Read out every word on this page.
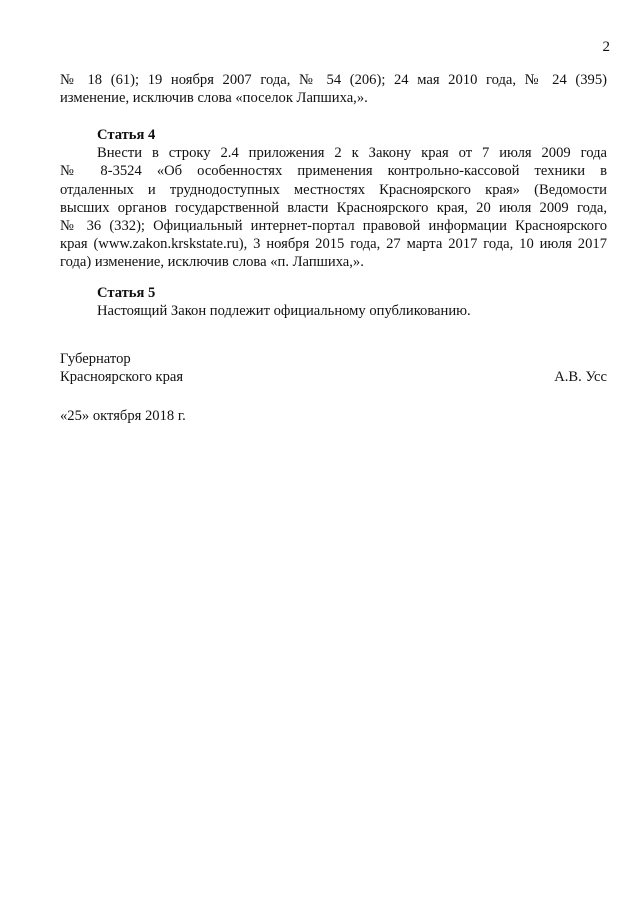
2
№ 18 (61); 19 ноября 2007 года, № 54 (206); 24 мая 2010 года, № 24 (395)
изменение, исключив слова «поселок Лапшиха,».
Статья 4
Внести в строку 2.4 приложения 2 к Закону края от 7 июля 2009 года
№ 8-3524 «Об особенностях применения контрольно-кассовой техники в
отдаленных и труднодоступных местностях Красноярского края» (Ведомости
высших органов государственной власти Красноярского края, 20 июля 2009 года,
№ 36 (332); Официальный интернет-портал правовой информации Красноярского
края (www.zakon.krskstate.ru), 3 ноября 2015 года, 27 марта 2017 года, 10 июля 2017
года) изменение, исключив слова «п. Лапшиха,».
Статья 5
Настоящий Закон подлежит официальному опубликованию.
Губернатор
Красноярского края	А.В. Усс
«25» октября 2018 г.
